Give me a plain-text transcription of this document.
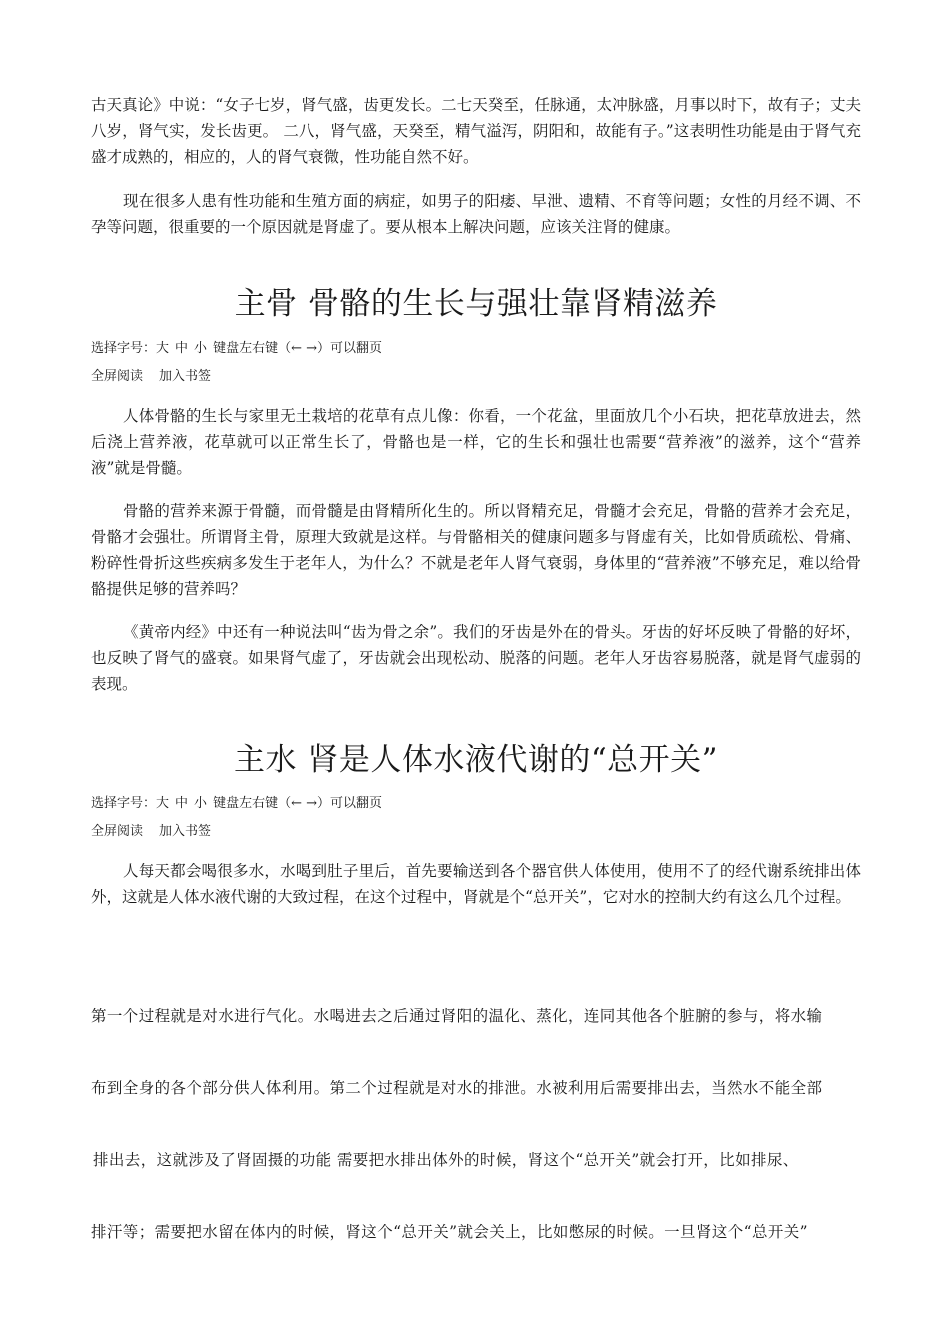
古天真论》中说：“女子七岁，肾气盛，齿更发长。二七天癸至，任脉通，太冲脉盛，月事以时下，故有子；丈夫八岁，肾气实，发长齿更。 二八，肾气盛，天癸至，精气溢泻，阴阳和，故能有子。”这表明性功能是由于肾气充盛才成熟的，相应的，人的肾气衰微，性功能自然不好。

现在很多人患有性功能和生殖方面的病症，如男子的阳痿、早泄、遗精、不育等问题；女性的月经不调、不孕等问题，很重要的一个原因就是肾虚了。要从根本上解决问题，应该关注肾的健康。

主骨 骨骼的生长与强壮靠肾精滋养
选择字号：大 中 小 键盘左右键（← →）可以翻页
全屏阅读 加入书签

人体骨骼的生长与家里无土栽培的花草有点儿像：你看，一个花盆，里面放几个小石块，把花草放进去，然后浇上营养液，花草就可以正常生长了，骨骼也是一样，它的生长和强壮也需要“营养液”的滋养，这个“营养液”就是骨髓。

骨骼的营养来源于骨髓，而骨髓是由肾精所化生的。所以肾精充足，骨髓才会充足，骨骼的营养才会充足，骨骼才会强壮。所谓肾主骨，原理大致就是这样。与骨骼相关的健康问题多与肾虚有关，比如骨质疏松、骨痛、粉碎性骨折这些疾病多发生于老年人，为什么？不就是老年人肾气衰弱，身体里的“营养液”不够充足，难以给骨骼提供足够的营养吗？

《黄帝内经》中还有一种说法叫“齿为骨之余”。我们的牙齿是外在的骨头。牙齿的好坏反映了骨骼的好坏，也反映了肾气的盛衰。如果肾气虚了，牙齿就会出现松动、脱落的问题。老年人牙齿容易脱落，就是肾气虚弱的表现。

主水 肾是人体水液代谢的“总开关”
选择字号：大 中 小 键盘左右键（← →）可以翻页
全屏阅读 加入书签

人每天都会喝很多水，水喝到肚子里后，首先要输送到各个器官供人体使用，使用不了的经代谢系统排出体外，这就是人体水液代谢的大致过程，在这个过程中，肾就是个“总开关”，它对水的控制大约有这么几个过程。

第一个过程就是对水进行气化。水喝进去之后通过肾阳的温化、蒸化，连同其他各个脏腑的参与，将水输

布到全身的各个部分供人体利用。第二个过程就是对水的排泄。水被利用后需要排出去，当然水不能全部

排出去，这就涉及了肾固摄的功能 需要把水排出体外的时候，肾这个“总开关”就会打开，比如排尿、

排汗等；需要把水留在体内的时候，肾这个“总开关”就会关上，比如憋尿的时候。一旦肾这个“总开关”
